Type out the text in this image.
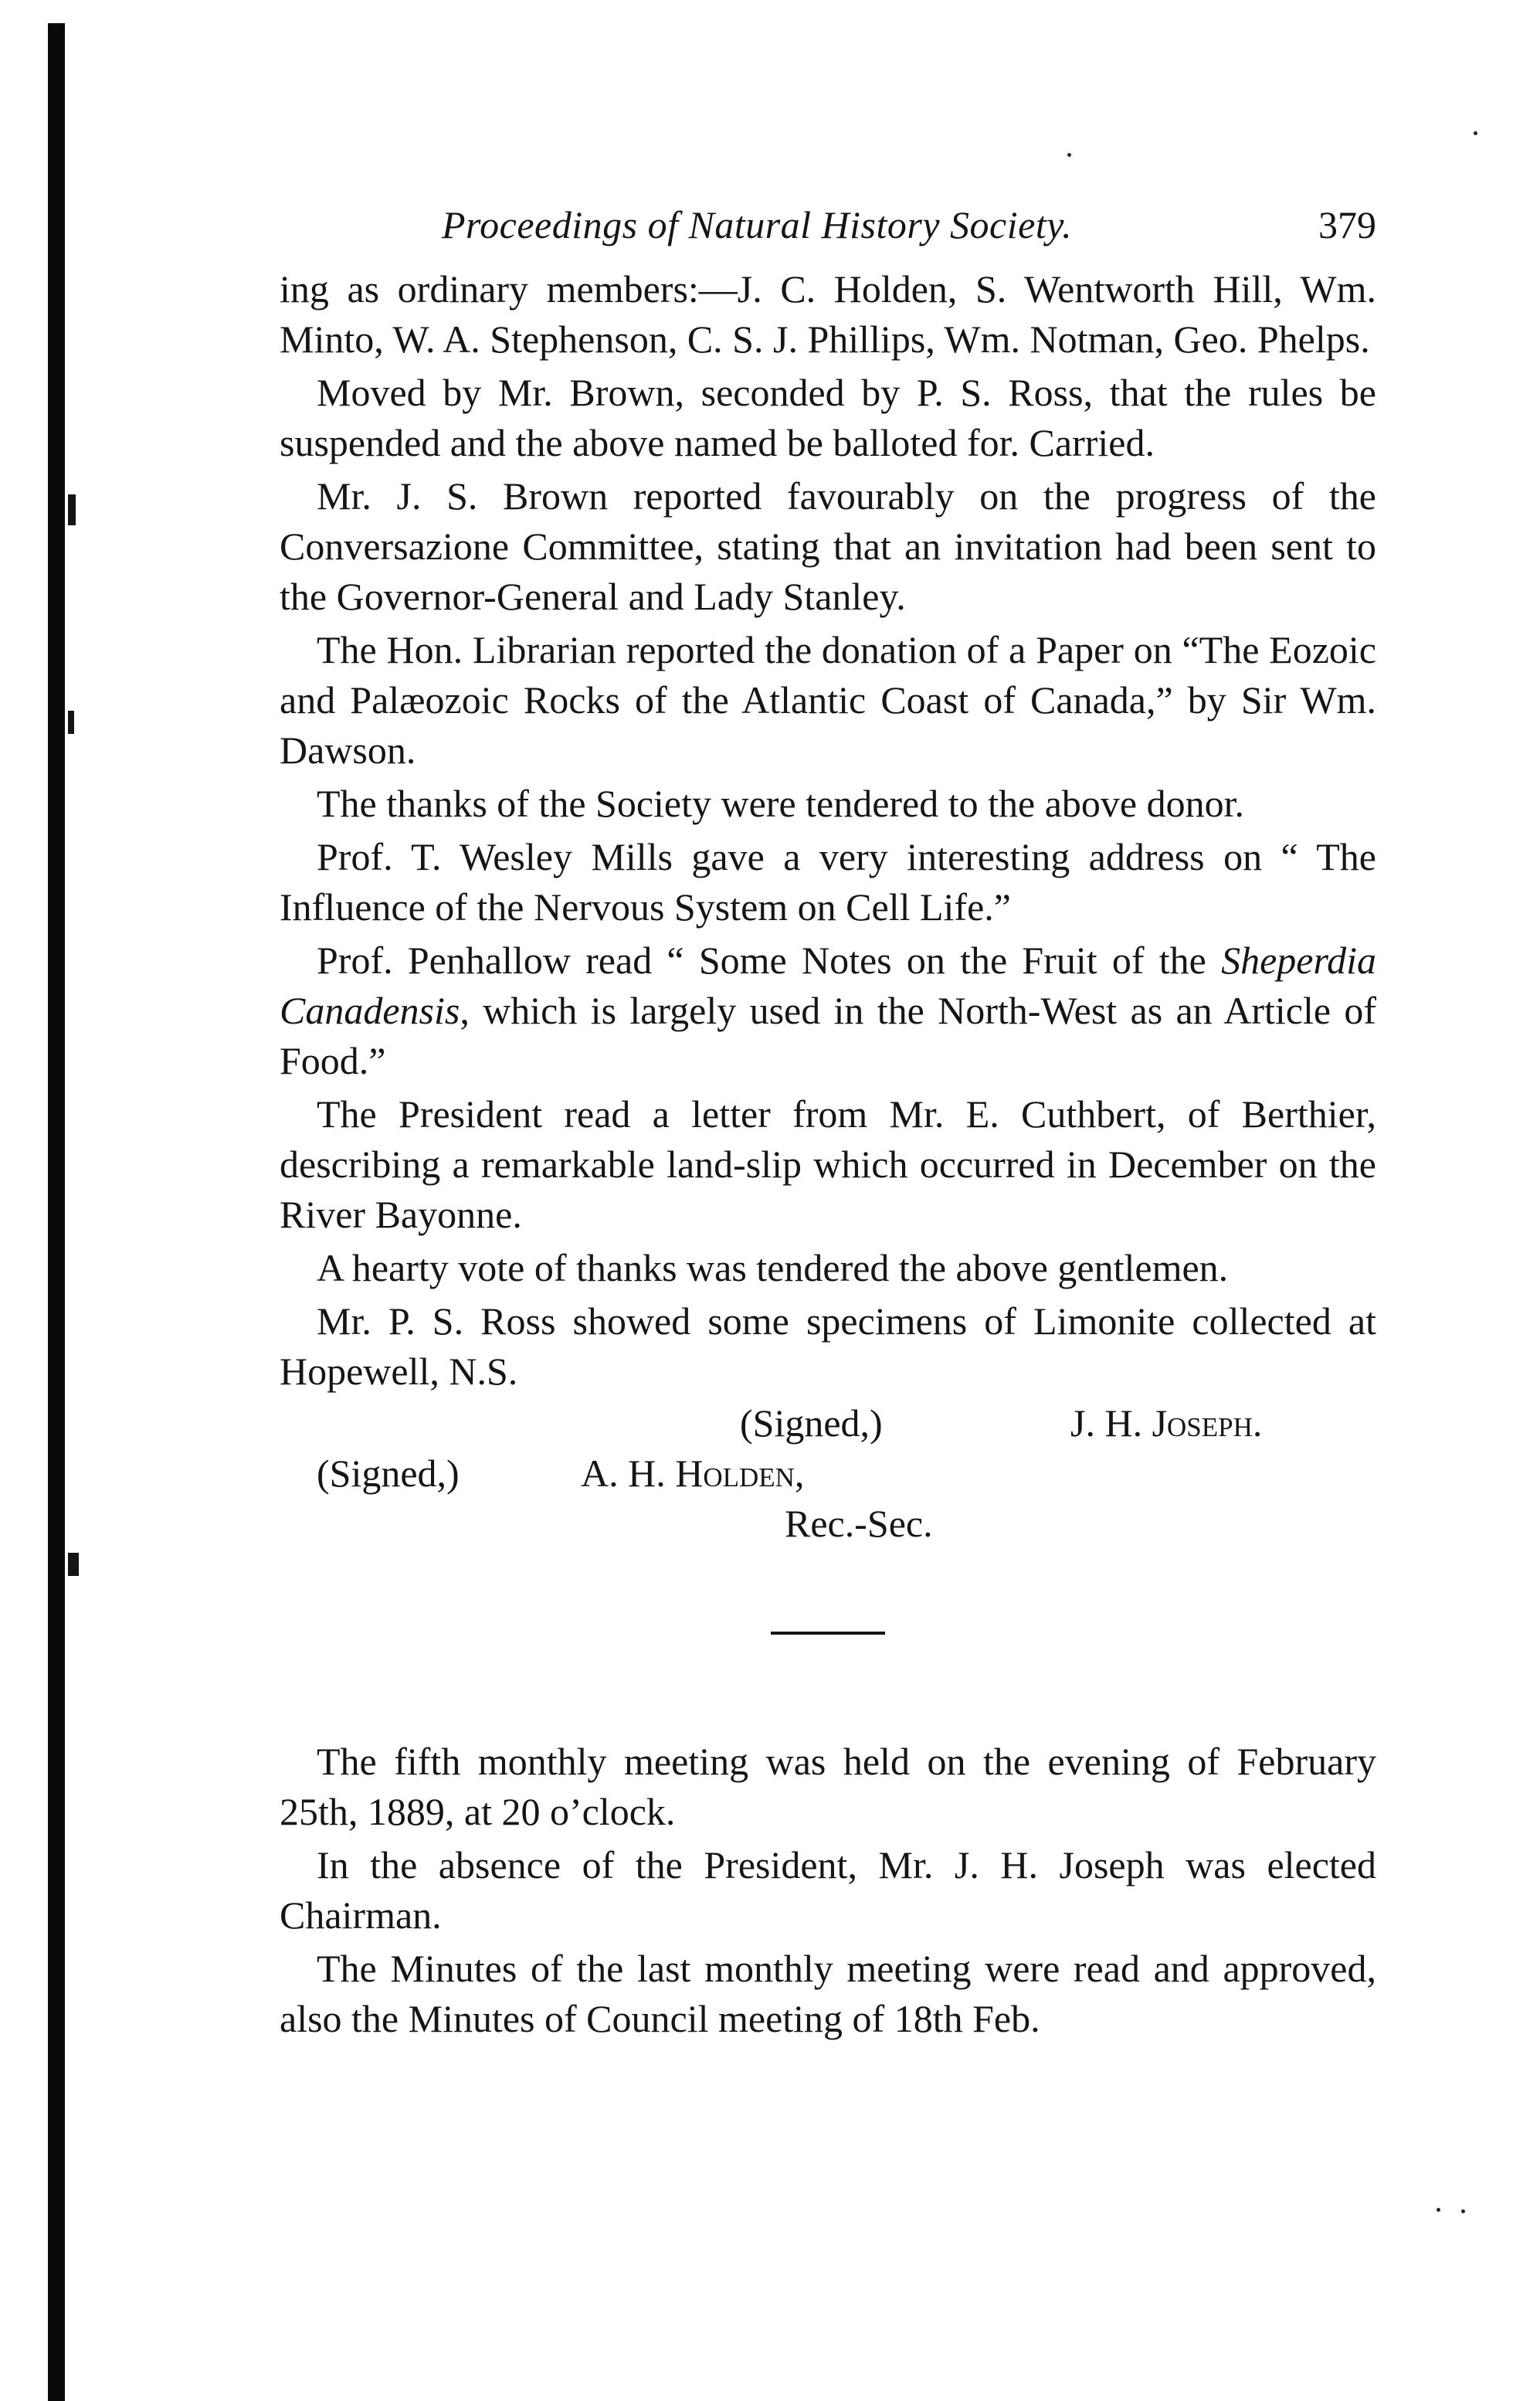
Proceedings of Natural History Society.	379

ing as ordinary members:—J. C. Holden, S. Wentworth Hill, Wm. Minto, W. A. Stephenson, C. S. J. Phillips, Wm. Notman, Geo. Phelps.

Moved by Mr. Brown, seconded by P. S. Ross, that the rules be suspended and the above named be balloted for. Carried.

Mr. J. S. Brown reported favourably on the progress of the Conversazione Committee, stating that an invitation had been sent to the Governor-General and Lady Stanley.

The Hon. Librarian reported the donation of a Paper on “The Eozoic and Palæozoic Rocks of the Atlantic Coast of Canada,” by Sir Wm. Dawson.

The thanks of the Society were tendered to the above donor.

Prof. T. Wesley Mills gave a very interesting address on “ The Influence of the Nervous System on Cell Life.”

Prof. Penhallow read “ Some Notes on the Fruit of the Sheperdia Canadensis, which is largely used in the North-West as an Article of Food.”

The President read a letter from Mr. E. Cuthbert, of Berthier, describing a remarkable land-slip which occurred in December on the River Bayonne.

A hearty vote of thanks was tendered the above gentlemen.

Mr. P. S. Ross showed some specimens of Limonite collected at Hopewell, N.S.

(Signed,)	J. H. Joseph.
(Signed,)	A. H. Holden,
Rec.-Sec.

The fifth monthly meeting was held on the evening of February 25th, 1889, at 20 o’clock.

In the absence of the President, Mr. J. H. Joseph was elected Chairman.

The Minutes of the last monthly meeting were read and approved, also the Minutes of Council meeting of 18th Feb.
